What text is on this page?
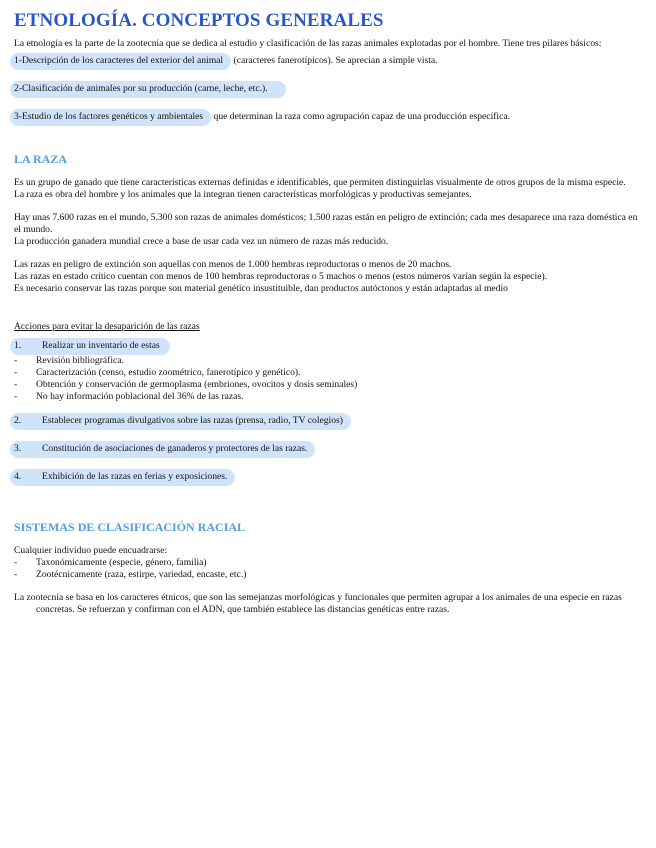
ETNOLOGÍA. CONCEPTOS GENERALES

La etnología es la parte de la zootecnia que se dedica al estudio y clasificación de las razas animales explotadas por el hombre. Tiene tres pilares básicos:

1-Descripción de los caracteres del exterior del animal (caracteres fanerotípicos). Se aprecian a simple vista.
2-Clasificación de animales por su producción (carne, leche, etc.).
3-Estudio de los factores genéticos y ambientales que determinan la raza como agrupación capaz de una producción específica.
LA RAZA

Es un grupo de ganado que tiene características externas definidas e identificables, que permiten distinguirlas visualmente de otros grupos de la misma especie.

La raza es obra del hombre y los animales que la integran tienen características morfológicas y productivas semejantes.

Hay unas 7.600 razas en el mundo, 5.300 son razas de animales domésticos; 1.500 razas están en peligro de extinción; cada mes desaparece una raza doméstica en el mundo.

La producción ganadera mundial crece a base de usar cada vez un número de razas más reducido.

Las razas en peligro de extinción son aquellas con menos de 1.000 hembras reproductoras o menos de 20 machos.

Las razas en estado crítico cuentan con menos de 100 hembras reproductoras o 5 machos o menos (estos números varían según la especie).

Es necesario conservar las razas porque son material genético insustituible, dan productos autóctonos y están adaptadas al medio

Acciones para evitar la desaparición de las razas

1. Realizar un inventario de estas
- Revisión bibliográfica.
- Caracterización (censo, estudio zoométrico, fanerotípico y genético).
- Obtención y conservación de germoplasma (embriones, ovocitos y dosis seminales)
- No hay información poblacional del 36% de las razas.
2. Establecer programas divulgativos sobre las razas (prensa, radio, TV colegios)
3. Constitución de asociaciones de ganaderos y protectores de las razas.
4. Exhibición de las razas en ferias y exposiciones.
SISTEMAS DE CLASIFICACIÓN RACIAL

Cualquier individuo puede encuadrarse:

- Taxonómicamente (especie, género, familia)
- Zootécnicamente (raza, estirpe, variedad, encaste, etc.)

La zootecnia se basa en los caracteres étnicos, que son las semejanzas morfológicas y funcionales que permiten agrupar a los animales de una especie en razas concretas. Se refuerzan y confirman con el ADN, que también establece las distancias genéticas entre razas.
